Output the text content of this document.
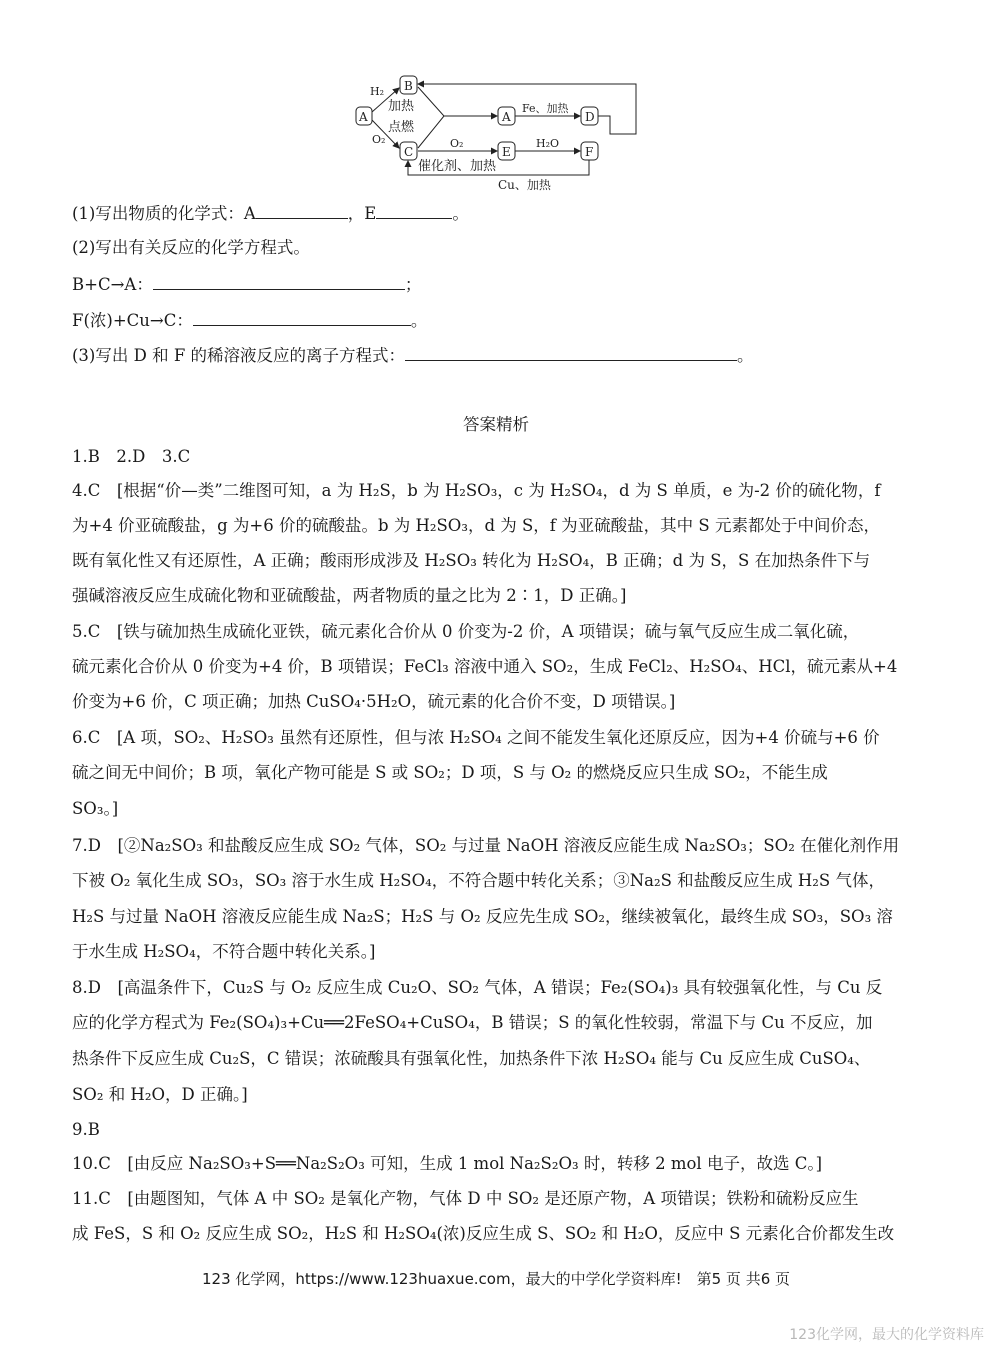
A
B
C
A	D
E	F
H₂
O₂
加热
点燃
Fe、加热
O₂	H₂O
催化剂、加热
Cu、加热
(1)写出物质的化学式：A	，E	。
(2)写出有关反应的化学方程式。
B+C→A：	；
F(浓)+Cu→C：	。
(3)写出 D 和 F 的稀溶液反应的离子方程式：	。
答案精析
1.B　2.D　3.C
4.C　[根据“价—类”二维图可知，a 为 H₂S，b 为 H₂SO₃，c 为 H₂SO₄，d 为 S 单质，e 为-2 价的硫化物，f
为+4 价亚硫酸盐，g 为+6 价的硫酸盐。b 为 H₂SO₃，d 为 S，f 为亚硫酸盐，其中 S 元素都处于中间价态，
既有氧化性又有还原性，A 正确；酸雨形成涉及 H₂SO₃ 转化为 H₂SO₄，B 正确；d 为 S，S 在加热条件下与
强碱溶液反应生成硫化物和亚硫酸盐，两者物质的量之比为 2∶1，D 正确。]
5.C　[铁与硫加热生成硫化亚铁，硫元素化合价从 0 价变为-2 价，A 项错误；硫与氧气反应生成二氧化硫，
硫元素化合价从 0 价变为+4 价，B 项错误；FeCl₃ 溶液中通入 SO₂，生成 FeCl₂、H₂SO₄、HCl，硫元素从+4
价变为+6 价，C 项正确；加热 CuSO₄·5H₂O，硫元素的化合价不变，D 项错误。]
6.C　[A 项，SO₂、H₂SO₃ 虽然有还原性，但与浓 H₂SO₄ 之间不能发生氧化还原反应，因为+4 价硫与+6 价
硫之间无中间价；B 项，氧化产物可能是 S 或 SO₂；D 项，S 与 O₂ 的燃烧反应只生成 SO₂，不能生成
SO₃。]
7.D　[②Na₂SO₃ 和盐酸反应生成 SO₂ 气体，SO₂ 与过量 NaOH 溶液反应能生成 Na₂SO₃；SO₂ 在催化剂作用
下被 O₂ 氧化生成 SO₃，SO₃ 溶于水生成 H₂SO₄，不符合题中转化关系；③Na₂S 和盐酸反应生成 H₂S 气体，
H₂S 与过量 NaOH 溶液反应能生成 Na₂S；H₂S 与 O₂ 反应先生成 SO₂，继续被氧化，最终生成 SO₃，SO₃ 溶
于水生成 H₂SO₄，不符合题中转化关系。]
8.D　[高温条件下，Cu₂S 与 O₂ 反应生成 Cu₂O、SO₂ 气体，A 错误；Fe₂(SO₄)₃ 具有较强氧化性，与 Cu 反
应的化学方程式为 Fe₂(SO₄)₃+Cu══2FeSO₄+CuSO₄，B 错误；S 的氧化性较弱，常温下与 Cu 不反应，加
热条件下反应生成 Cu₂S，C 错误；浓硫酸具有强氧化性，加热条件下浓 H₂SO₄ 能与 Cu 反应生成 CuSO₄、
SO₂ 和 H₂O，D 正确。]
9.B
10.C　[由反应 Na₂SO₃+S══Na₂S₂O₃ 可知，生成 1 mol Na₂S₂O₃ 时，转移 2 mol 电子，故选 C。]
11.C　[由题图知，气体 A 中 SO₂ 是氧化产物，气体 D 中 SO₂ 是还原产物，A 项错误；铁粉和硫粉反应生
成 FeS，S 和 O₂ 反应生成 SO₂，H₂S 和 H₂SO₄(浓)反应生成 S、SO₂ 和 H₂O，反应中 S 元素化合价都发生改
123 化学网，https://www.123huaxue.com，最大的中学化学资料库!　第5 页 共6 页
123化学网，最大的化学资料库
